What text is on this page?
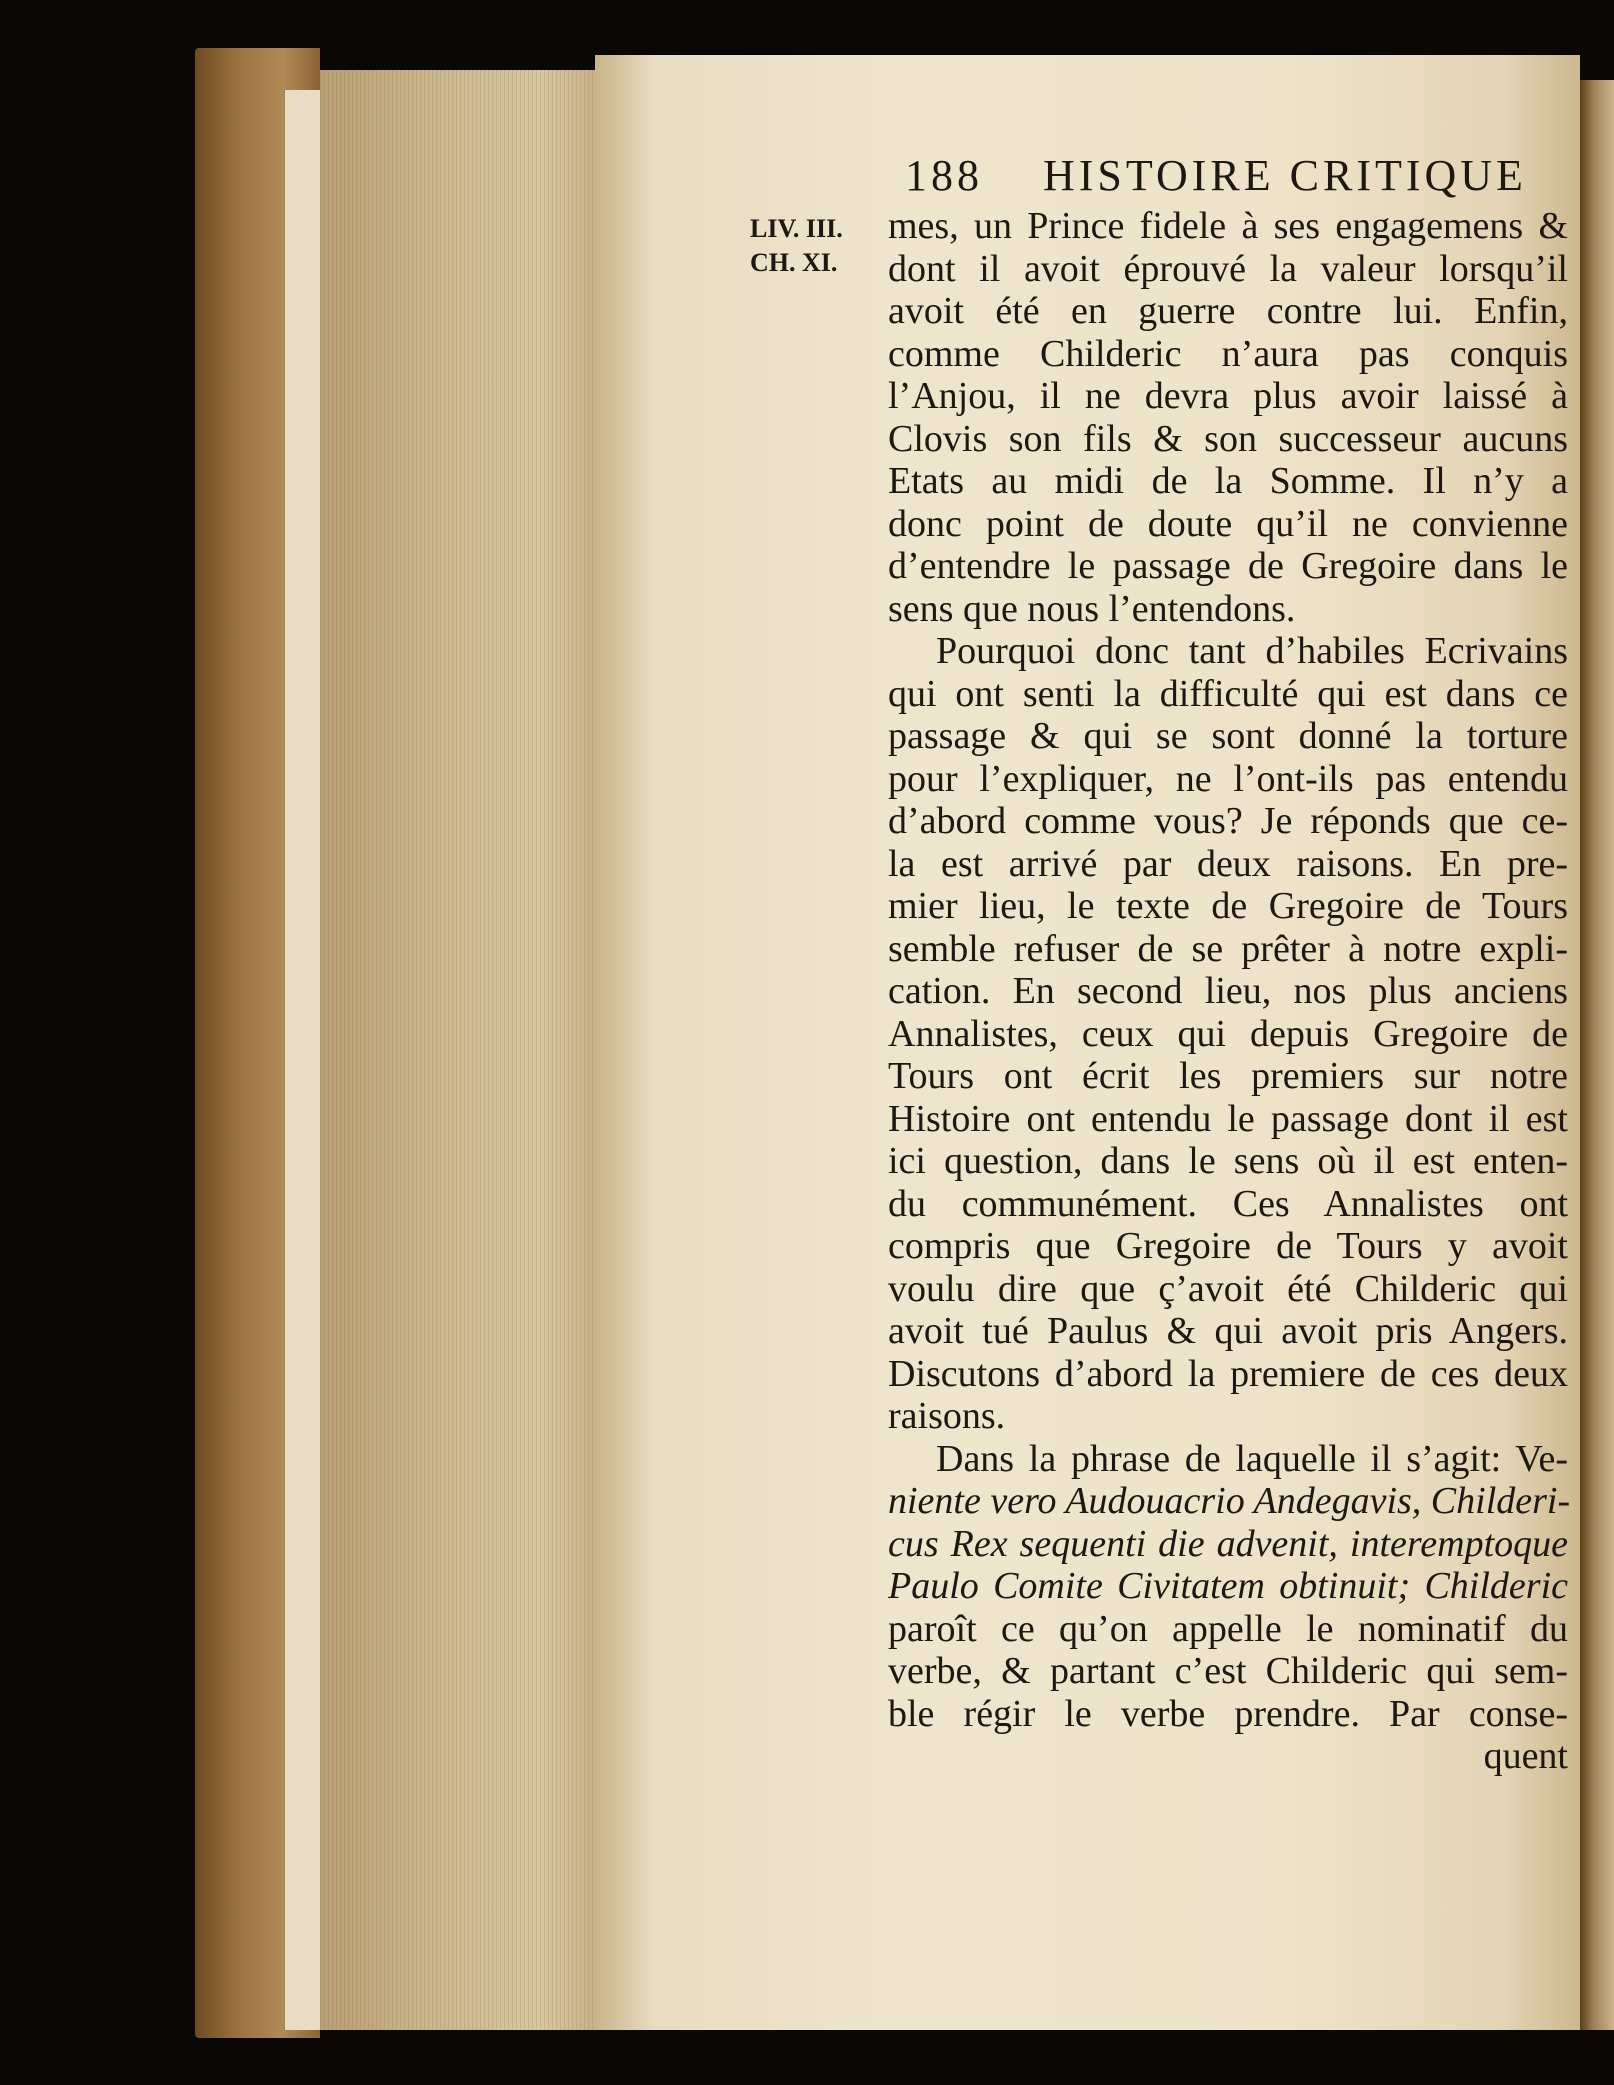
188 HISTOIRE CRITIQUE
LIV. III.
CH. XI.
mes, un Prince fidele à ses engagemens &
dont il avoit éprouvé la valeur lorsqu’il
avoit été en guerre contre lui. Enfin,
comme Childeric n’aura pas conquis
l’Anjou, il ne devra plus avoir laissé à
Clovis son fils & son successeur aucuns
Etats au midi de la Somme. Il n’y a
donc point de doute qu’il ne convienne
d’entendre le passage de Gregoire dans le
sens que nous l’entendons.
Pourquoi donc tant d’habiles Ecrivains
qui ont senti la difficulté qui est dans ce
passage & qui se sont donné la torture
pour l’expliquer, ne l’ont-ils pas entendu
d’abord comme vous? Je réponds que ce-
la est arrivé par deux raisons. En pre-
mier lieu, le texte de Gregoire de Tours
semble refuser de se prêter à notre expli-
cation. En second lieu, nos plus anciens
Annalistes, ceux qui depuis Gregoire de
Tours ont écrit les premiers sur notre
Histoire ont entendu le passage dont il est
ici question, dans le sens où il est enten-
du communément. Ces Annalistes ont
compris que Gregoire de Tours y avoit
voulu dire que ç’avoit été Childeric qui
avoit tué Paulus & qui avoit pris Angers.
Discutons d’abord la premiere de ces deux
raisons.
Dans la phrase de laquelle il s’agit: Ve-
niente vero Audouacrio Andegavis, Childeri-
cus Rex sequenti die advenit, interemptoque
Paulo Comite Civitatem obtinuit; Childeric
paroît ce qu’on appelle le nominatif du
verbe, & partant c’est Childeric qui sem-
ble régir le verbe prendre. Par conse-
quent
